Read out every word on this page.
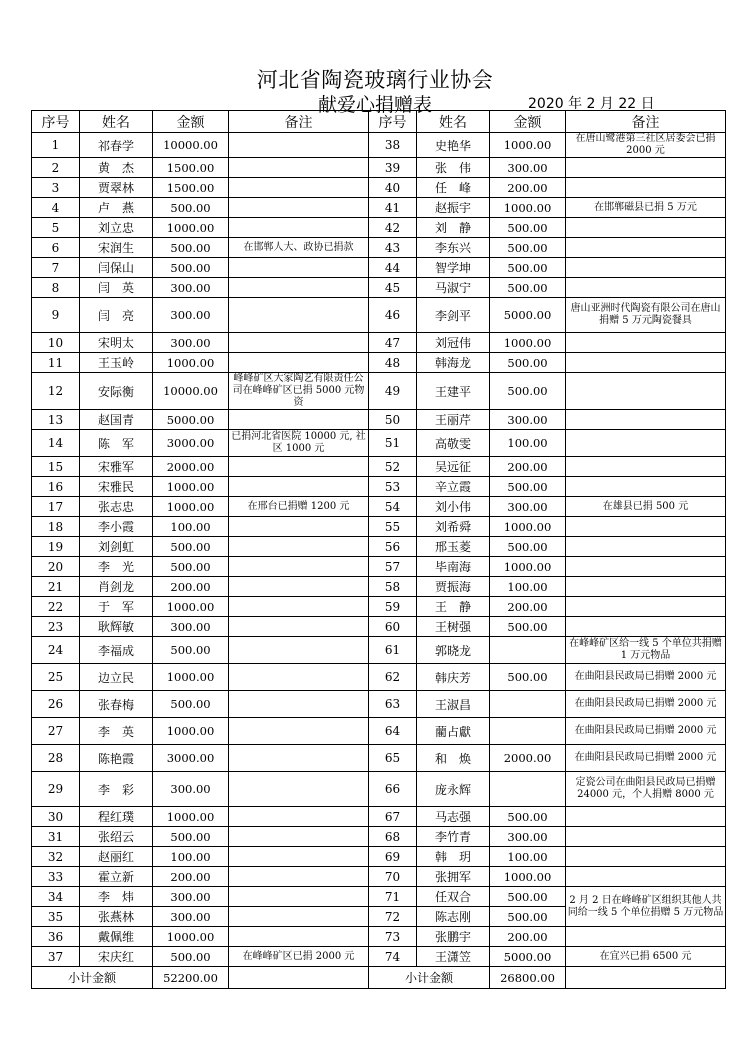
河北省陶瓷玻璃行业协会
献爱心捐赠表	2020 年 2 月 22 日
序号	姓名	金额	备注	序号	姓名	金额	备注
1	祁春学	10000.00		38	史艳华	1000.00	在唐山鹭港第三社区居委会已捐 2000 元
2	黄　杰	1500.00		39	张　伟	300.00	
3	贾翠林	1500.00		40	任　峰	200.00	
4	卢　燕	500.00		41	赵振宇	1000.00	在邯郸磁县已捐 5 万元
5	刘立忠	1000.00		42	刘　静	500.00	
6	宋润生	500.00	在邯郸人大、政协已捐款	43	李东兴	500.00	
7	闫保山	500.00		44	智学坤	500.00	
8	闫　英	300.00		45	马淑宁	500.00	
9	闫　亮	300.00		46	李剑平	5000.00	唐山亚洲时代陶瓷有限公司在唐山捐赠 5 万元陶瓷餐具
10	宋明太	300.00		47	刘冠伟	1000.00	
11	王玉岭	1000.00		48	韩海龙	500.00	
12	安际衡	10000.00	峰峰矿区大家陶艺有限责任公司在峰峰矿区已捐 5000 元物资	49	王建平	500.00	
13	赵国青	5000.00		50	王丽芹	300.00	
14	陈　军	3000.00	已捐河北省医院 10000 元, 社区 1000 元	51	高敬雯	100.00	
15	宋雅军	2000.00		52	吴远征	200.00	
16	宋雅民	1000.00		53	辛立霞	500.00	
17	张志忠	1000.00	在邢台已捐赠 1200 元	54	刘小伟	300.00	在雄县已捐 500 元
18	李小霞	100.00		55	刘希舜	1000.00	
19	刘剑虹	500.00		56	邢玉菱	500.00	
20	李　光	500.00		57	毕南海	1000.00	
21	肖剑龙	200.00		58	贾振海	100.00	
22	于　军	1000.00		59	王　静	200.00	
23	耿辉敏	300.00		60	王树强	500.00	
24	李福成	500.00		61	郭晓龙		在峰峰矿区给一线 5 个单位共捐赠 1 万元物品
25	边立民	1000.00		62	韩庆芳	500.00	在曲阳县民政局已捐赠 2000 元
26	张春梅	500.00		63	王淑昌		在曲阳县民政局已捐赠 2000 元
27	李　英	1000.00		64	藺占獻		在曲阳县民政局已捐赠 2000 元
28	陈艳霞	3000.00		65	和　焕	2000.00	在曲阳县民政局已捐赠 2000 元
29	李　彩	300.00		66	庞永辉		定瓷公司在曲阳县民政局已捐赠 24000 元，个人捐赠 8000 元
30	程红璞	1000.00		67	马志强	500.00	
31	张绍云	500.00		68	李竹青	300.00	
32	赵丽红	100.00		69	韩　玥	100.00	
33	霍立新	200.00		70	张拥军	1000.00	
34	李　炜	300.00		71	任双合	500.00	2 月 2 日在峰峰矿区组织其他人共同给一线 5 个单位捐赠 5 万元物品
35	张燕林	300.00		72	陈志刚	500.00	
36	戴佩维	1000.00		73	张鹏宇	200.00	
37	宋庆红	500.00	在峰峰矿区已捐 2000 元	74	王潇笠	5000.00	在宜兴已捐 6500 元
小计金额		52200.00		小计金额		26800.00	
